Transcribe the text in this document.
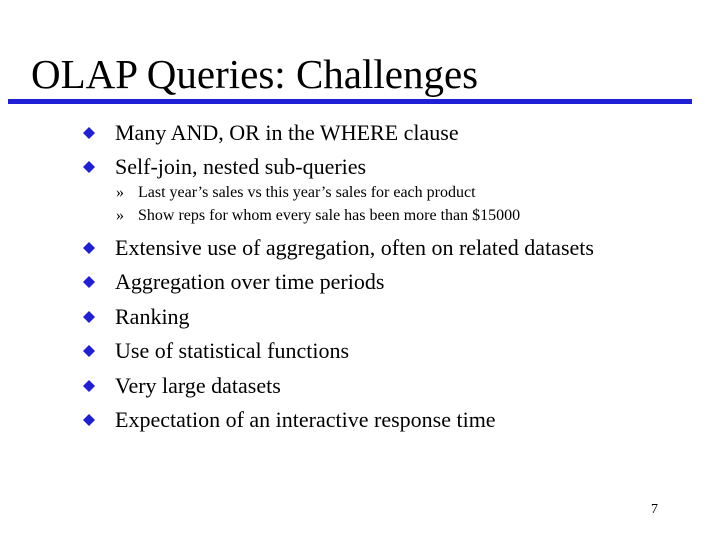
OLAP Queries: Challenges
Many AND, OR in the WHERE clause
Self-join, nested sub-queries
» Last year’s sales vs this year’s sales for each product
» Show reps for whom every sale has been more than $15000
Extensive use of aggregation, often on related datasets
Aggregation over time periods
Ranking
Use of statistical functions
Very large datasets
Expectation of an interactive response time
7
